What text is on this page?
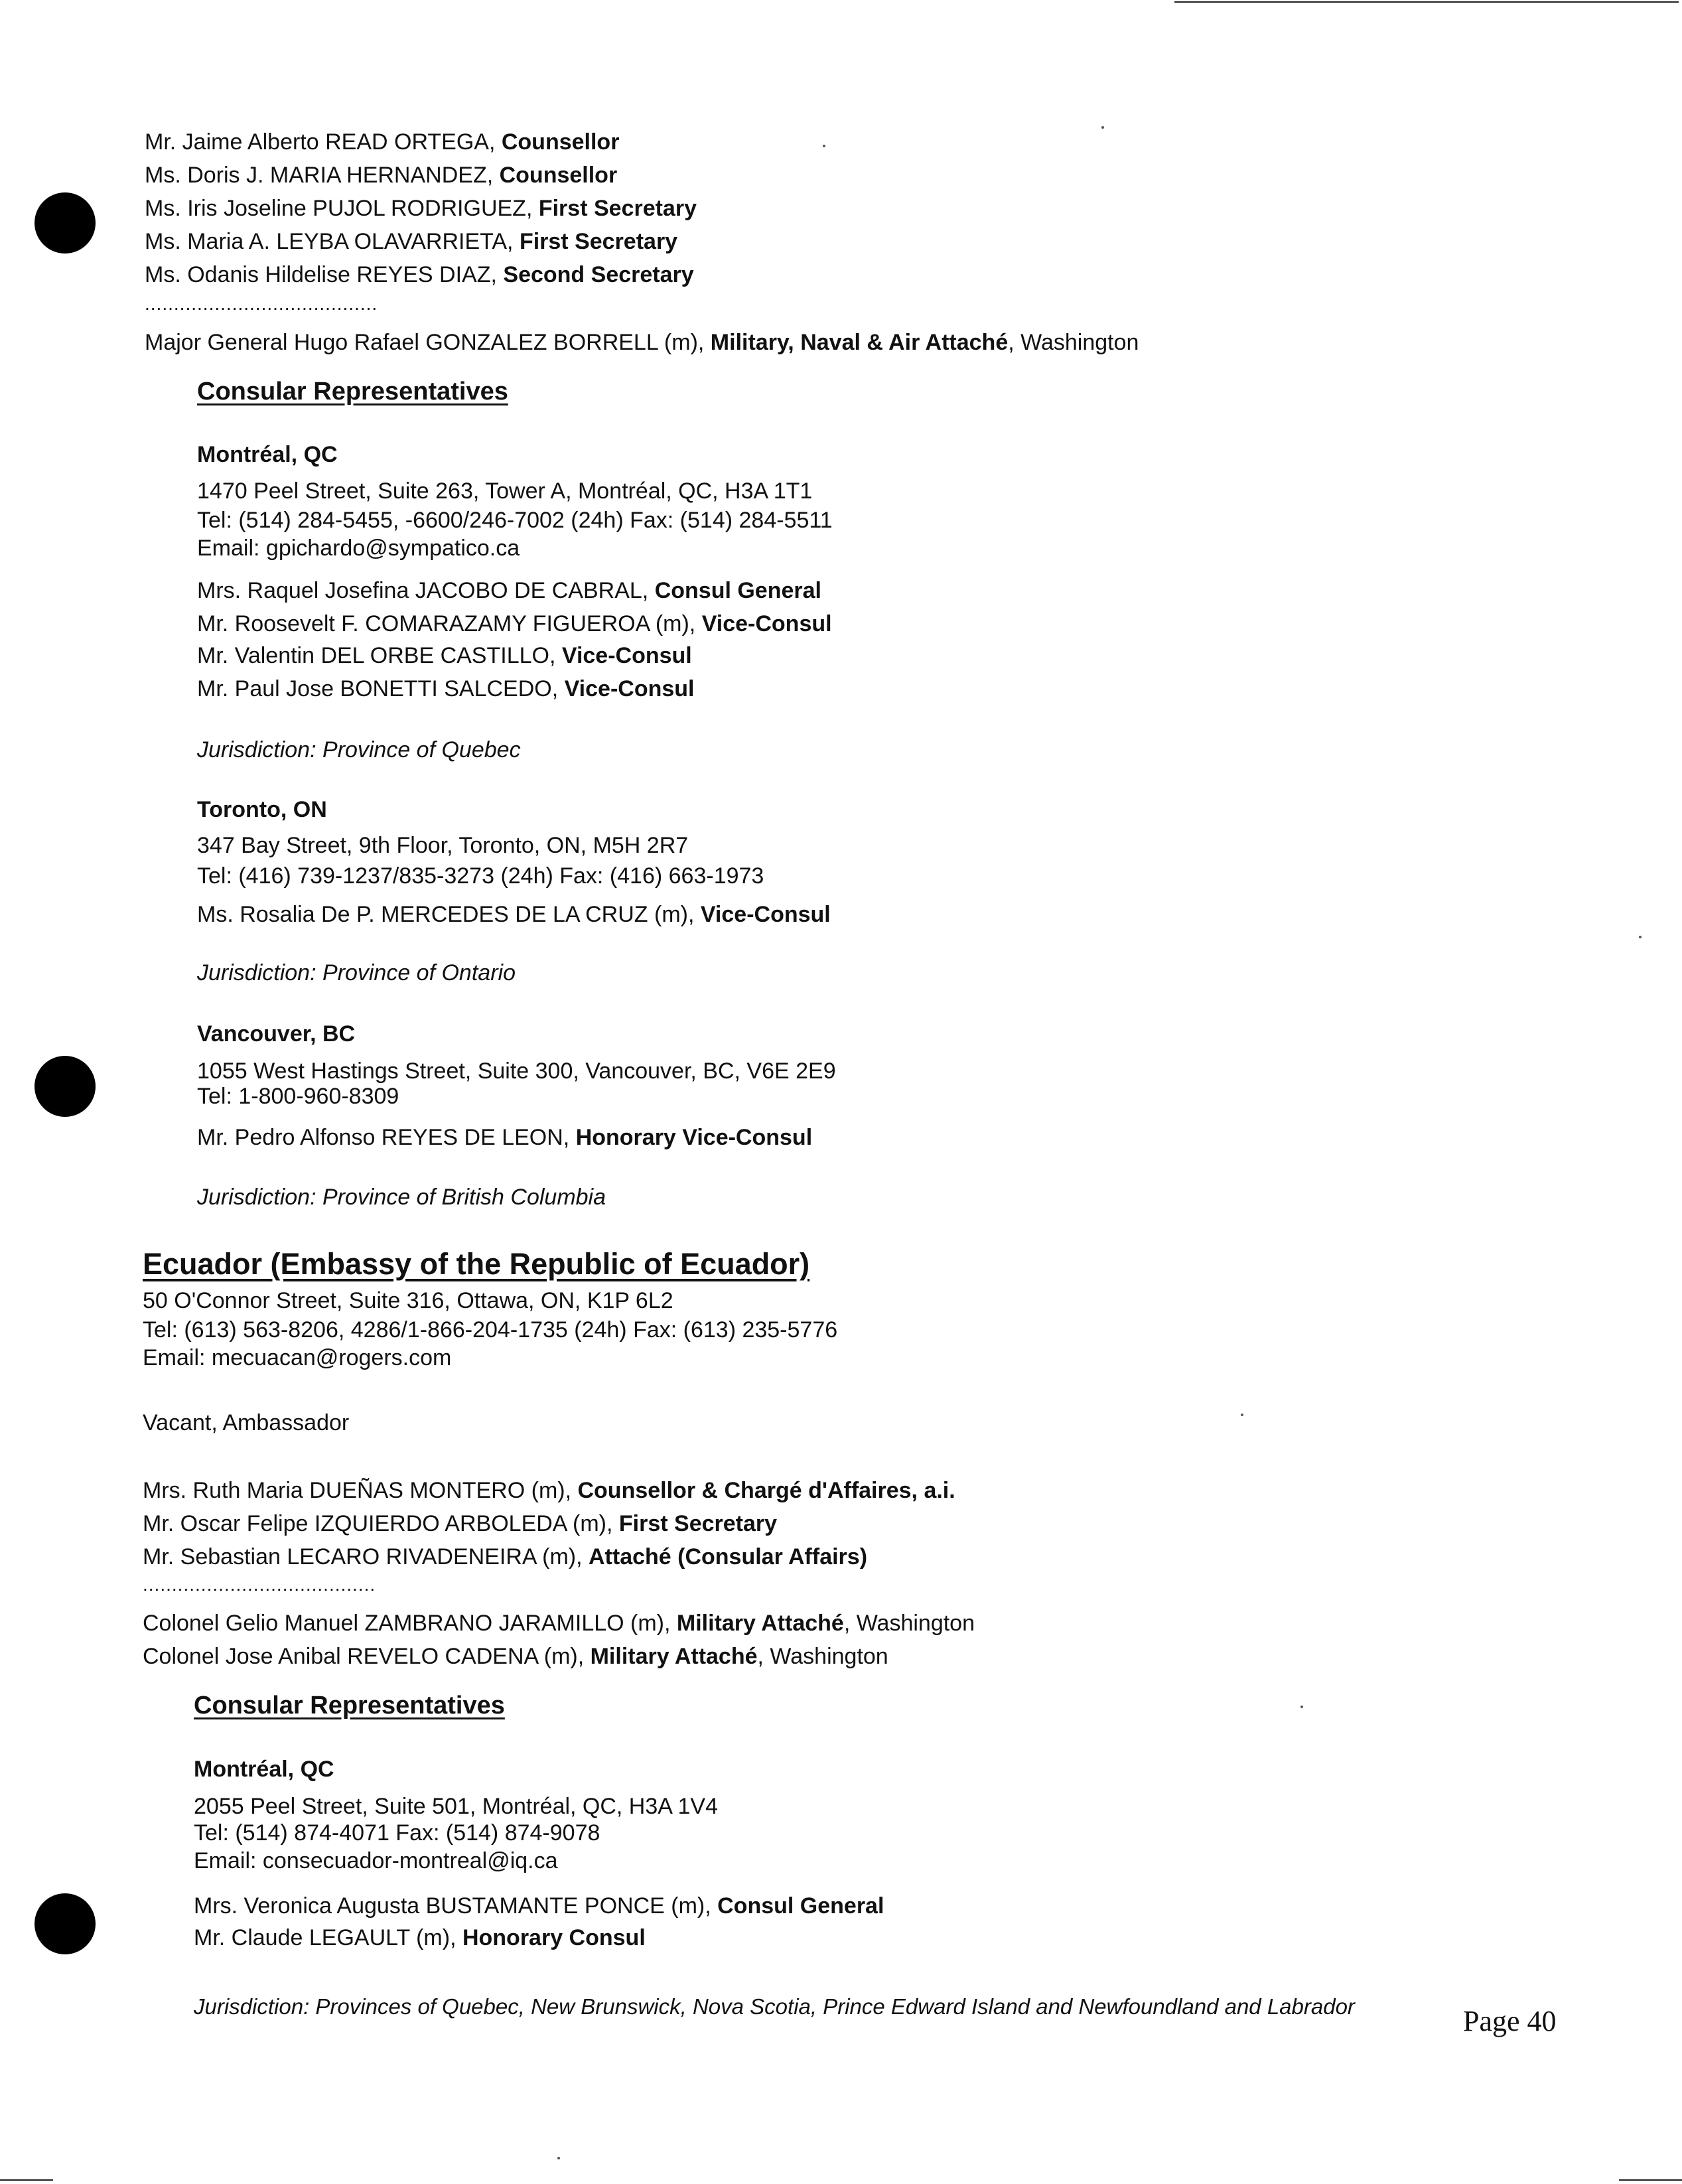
Mr. Jaime Alberto READ ORTEGA, Counsellor
Ms. Doris J. MARIA HERNANDEZ, Counsellor
Ms. Iris Joseline PUJOL RODRIGUEZ, First Secretary
Ms. Maria A. LEYBA OLAVARRIETA, First Secretary
Ms. Odanis Hildelise REYES DIAZ, Second Secretary
........................................
Major General Hugo Rafael GONZALEZ BORRELL (m), Military, Naval & Air Attaché, Washington
Consular Representatives
Montréal, QC
1470 Peel Street, Suite 263, Tower A, Montréal, QC, H3A 1T1
Tel: (514) 284-5455, -6600/246-7002 (24h) Fax: (514) 284-5511
Email: gpichardo@sympatico.ca
Mrs. Raquel Josefina JACOBO DE CABRAL, Consul General
Mr. Roosevelt F. COMARAZAMY FIGUEROA (m), Vice-Consul
Mr. Valentin DEL ORBE CASTILLO, Vice-Consul
Mr. Paul Jose BONETTI SALCEDO, Vice-Consul
Jurisdiction: Province of Quebec
Toronto, ON
347 Bay Street, 9th Floor, Toronto, ON, M5H 2R7
Tel: (416) 739-1237/835-3273 (24h) Fax: (416) 663-1973
Ms. Rosalia De P. MERCEDES DE LA CRUZ (m), Vice-Consul
Jurisdiction: Province of Ontario
Vancouver, BC
1055 West Hastings Street, Suite 300, Vancouver, BC, V6E 2E9
Tel: 1-800-960-8309
Mr. Pedro Alfonso REYES DE LEON, Honorary Vice-Consul
Jurisdiction: Province of British Columbia
Ecuador (Embassy of the Republic of Ecuador)
50 O'Connor Street, Suite 316, Ottawa, ON, K1P 6L2
Tel: (613) 563-8206, 4286/1-866-204-1735 (24h) Fax: (613) 235-5776
Email: mecuacan@rogers.com
Vacant, Ambassador
Mrs. Ruth Maria DUEÑAS MONTERO (m), Counsellor & Chargé d'Affaires, a.i.
Mr. Oscar Felipe IZQUIERDO ARBOLEDA (m), First Secretary
Mr. Sebastian LECARO RIVADENEIRA (m), Attaché (Consular Affairs)
........................................
Colonel Gelio Manuel ZAMBRANO JARAMILLO (m), Military Attaché, Washington
Colonel Jose Anibal REVELO CADENA (m), Military Attaché, Washington
Consular Representatives
Montréal, QC
2055 Peel Street, Suite 501, Montréal, QC, H3A 1V4
Tel: (514) 874-4071 Fax: (514) 874-9078
Email: consecuador-montreal@iq.ca
Mrs. Veronica Augusta BUSTAMANTE PONCE (m), Consul General
Mr. Claude LEGAULT (m), Honorary Consul
Jurisdiction: Provinces of Quebec, New Brunswick, Nova Scotia, Prince Edward Island and Newfoundland and Labrador	Page 40
